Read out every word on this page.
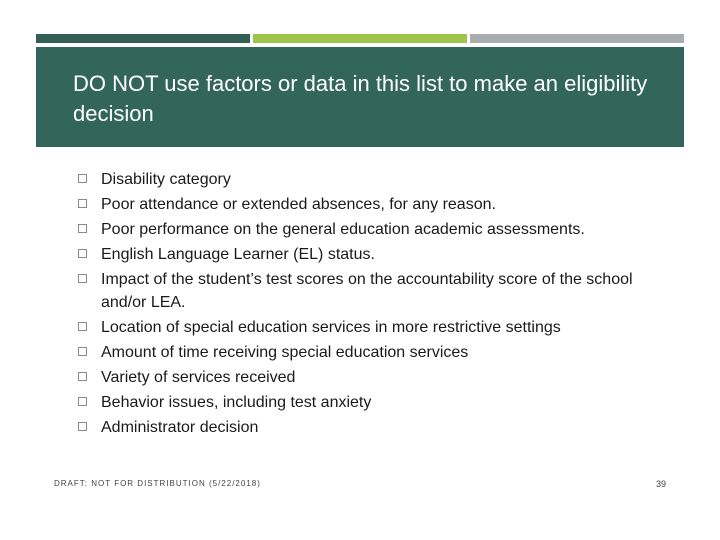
DO NOT use factors or data in this list to make an eligibility decision
Disability category
Poor attendance or extended absences, for any reason.
Poor performance on the general education academic assessments.
English Language Learner (EL) status.
Impact of the student’s test scores on the accountability score of the school and/or LEA.
Location of special education services in more restrictive settings
Amount of time receiving special education services
Variety of services received
Behavior issues, including test anxiety
Administrator decision
DRAFT: NOT FOR DISTRIBUTION (5/22/2018)	39
